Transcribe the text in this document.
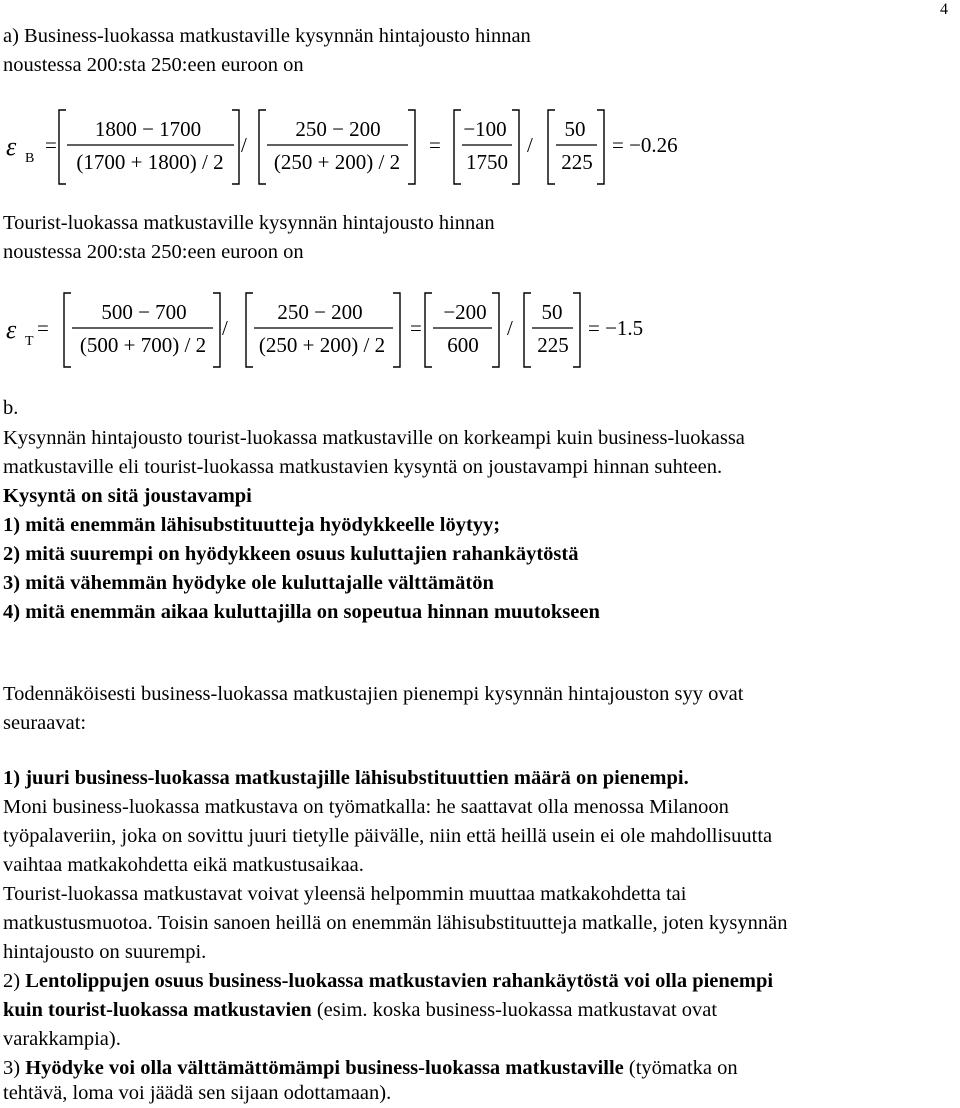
4
a) Business-luokassa matkustaville kysynnän hintajousto hinnan
noustessa 200:sta 250:een euroon on
ε B
=
1800 − 1700
(1700 + 1800) / 2
/
250 − 200
(250 + 200) / 2
=
−100
1750
/
50
225
= −0.26
Tourist-luokassa matkustaville kysynnän hintajousto hinnan
noustessa 200:sta 250:een euroon on
ε T
=
500 − 700
(500 + 700) / 2
/
250 − 200
(250 + 200) / 2
=
−200
600
/
50
225
= −1.5
b.
Kysynnän hintajousto tourist-luokassa matkustaville on korkeampi kuin business-luokassa
matkustaville eli tourist-luokassa matkustavien kysyntä on joustavampi hinnan suhteen.
Kysyntä on sitä joustavampi
1) mitä enemmän lähisubstituutteja hyödykkeelle löytyy;
2) mitä suurempi on hyödykkeen osuus kuluttajien rahankäytöstä
3) mitä vähemmän hyödyke ole kuluttajalle välttämätön
4) mitä enemmän aikaa kuluttajilla on sopeutua hinnan muutokseen
Todennäköisesti business-luokassa matkustajien pienempi kysynnän hintajouston syy ovat
seuraavat:
1) juuri business-luokassa matkustajille lähisubstituuttien määrä on pienempi.
Moni business-luokassa matkustava on työmatkalla: he saattavat olla menossa Milanoon
työpalaveriin, joka on sovittu juuri tietylle päivälle, niin että heillä usein ei ole mahdollisuutta
vaihtaa matkakohdetta eikä matkustusaikaa.
Tourist-luokassa matkustavat voivat yleensä helpommin muuttaa matkakohdetta tai
matkustusmuotoa. Toisin sanoen heillä on enemmän lähisubstituutteja matkalle, joten kysynnän
hintajousto on suurempi.
2) Lentolippujen osuus business-luokassa matkustavien rahankäytöstä voi olla pienempi
kuin tourist-luokassa matkustavien (esim. koska business-luokassa matkustavat ovat
varakkampia).
3) Hyödyke voi olla välttämättömämpi business-luokassa matkustaville (työmatka on
tehtävä, loma voi jäädä sen sijaan odottamaan).
